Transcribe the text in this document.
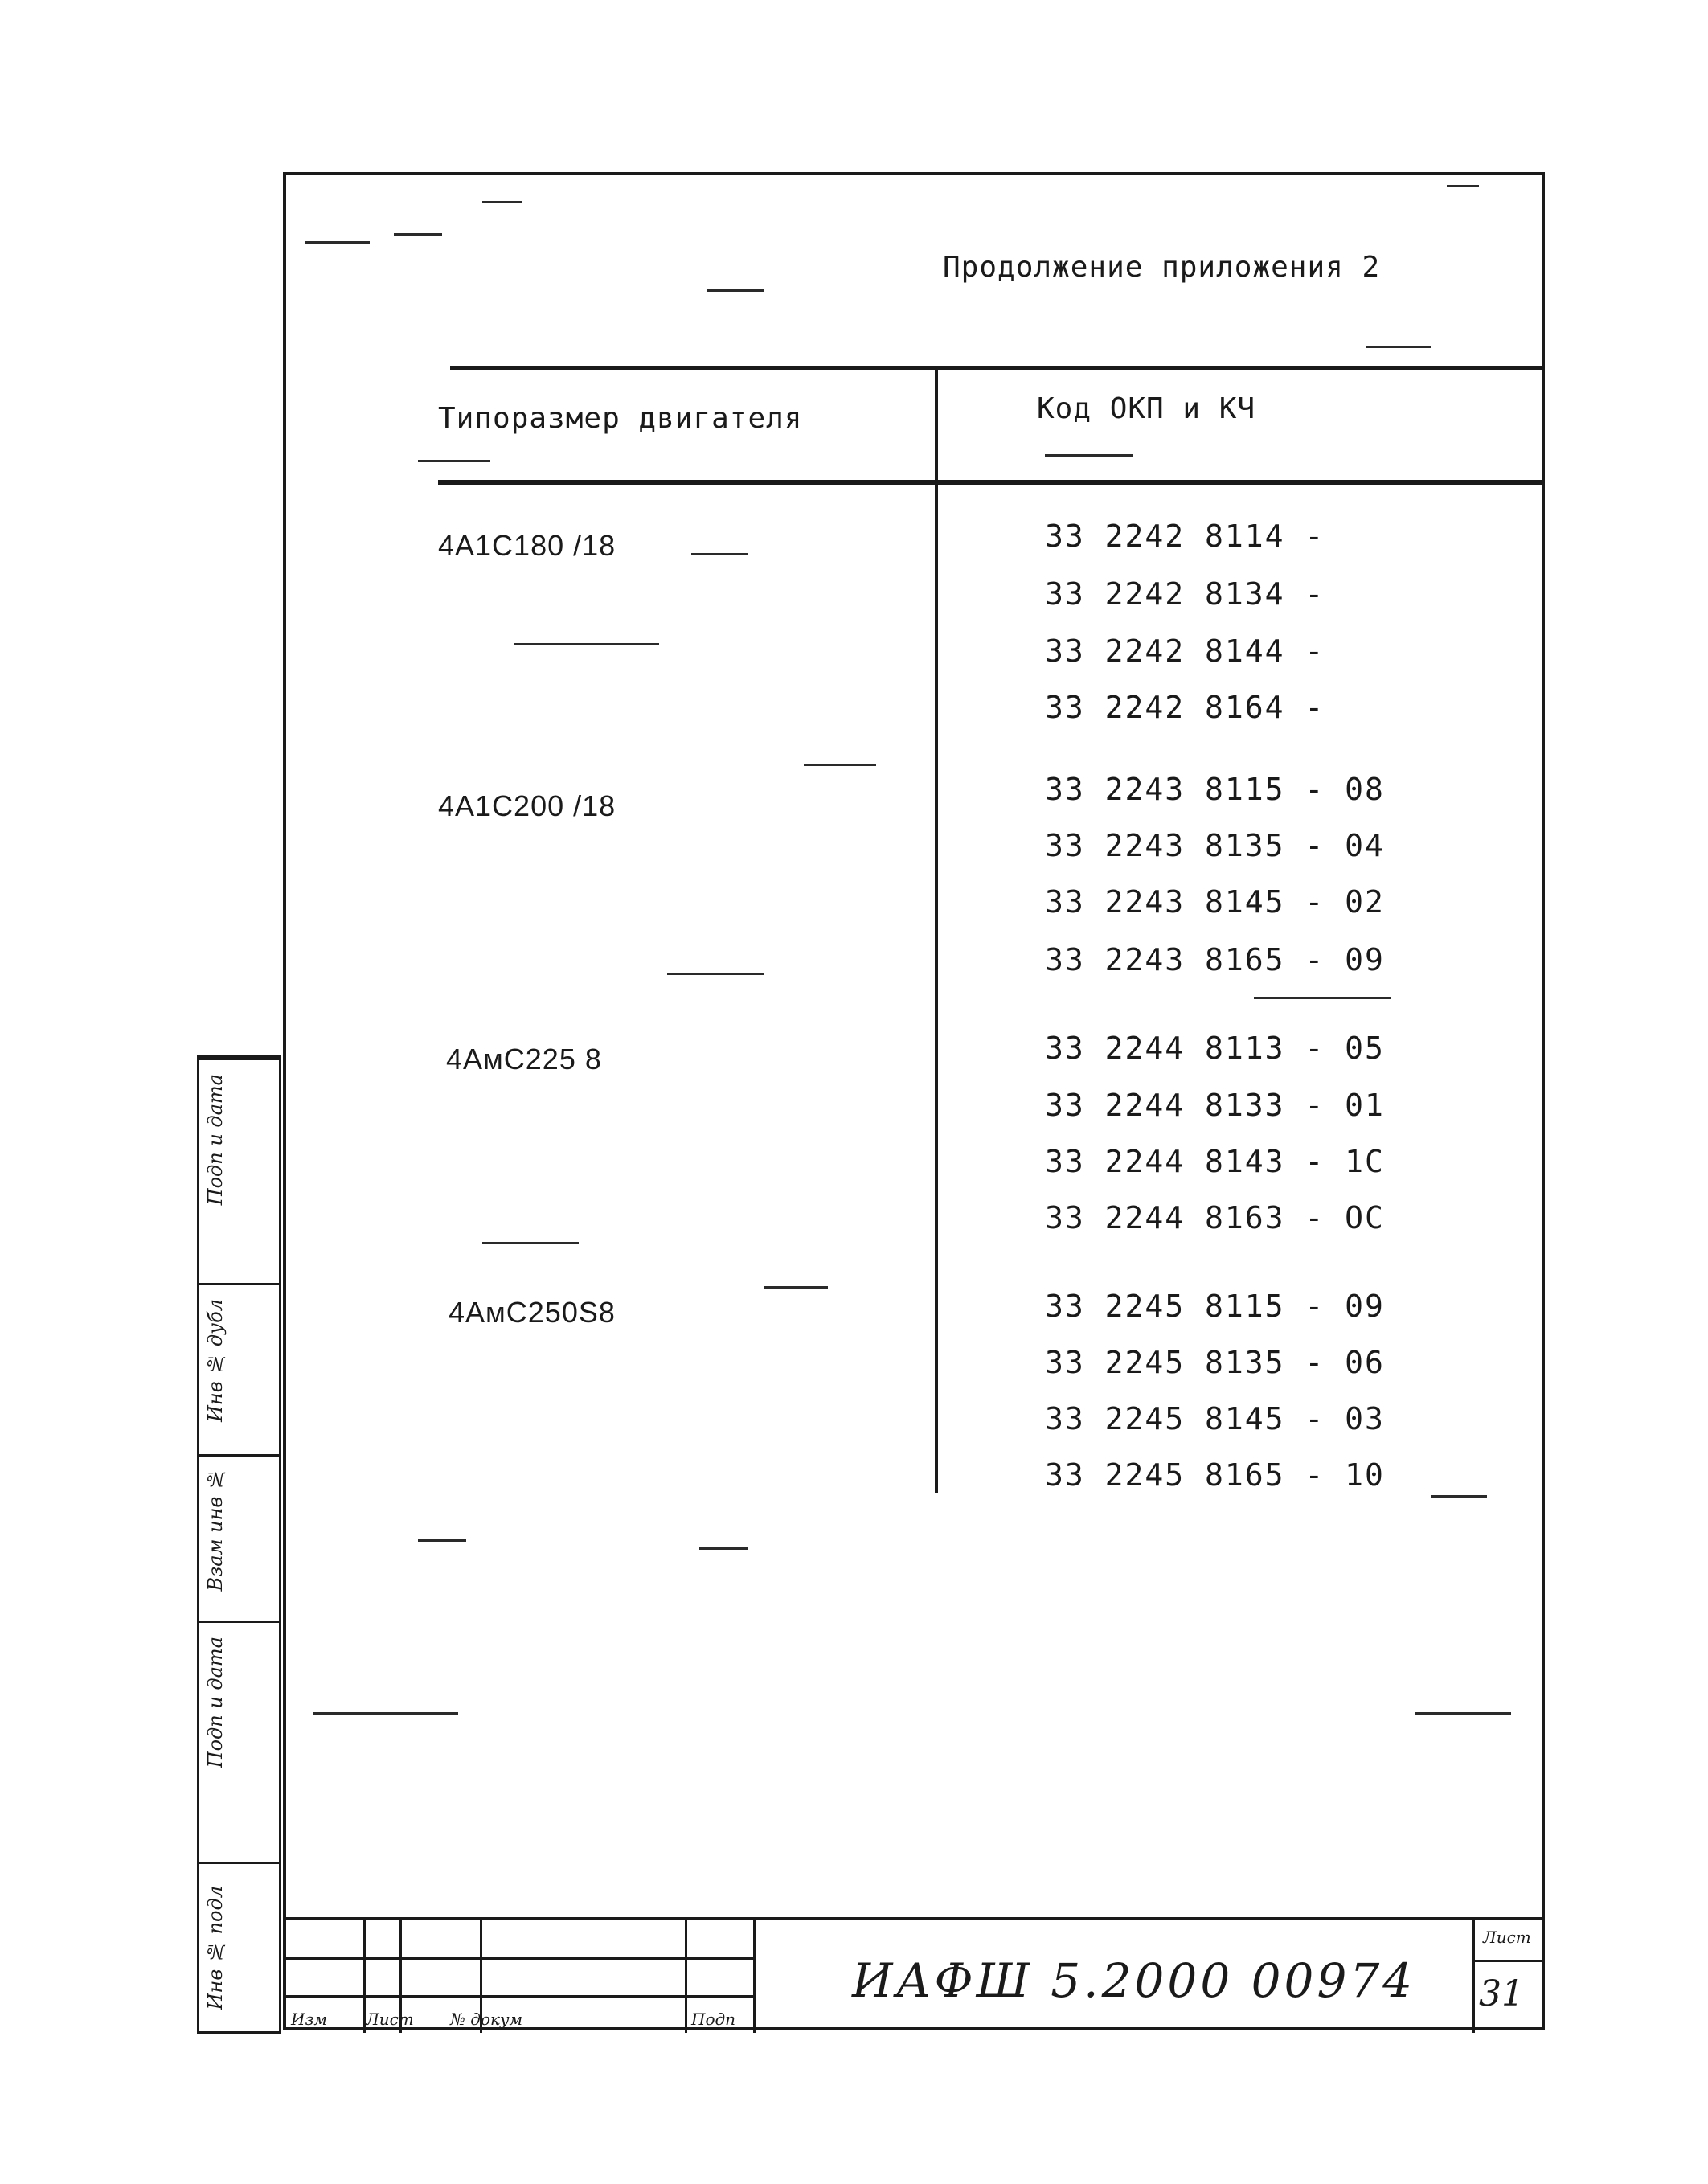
Продолжение приложения 2
Типоразмер двигателя	Код ОКП и КЧ
4А1С180 /18	33 2242 8114 -
33 2242 8134 -
33 2242 8144 -
33 2242 8164 -
4А1С200 /18	33 2243 8115 - 08
33 2243 8135 - 04
33 2243 8145 - 02
33 2243 8165 - 09
4АмС225 8	33 2244 8113 - 05
33 2244 8133 - 01
33 2244 8143 - 1С
33 2244 8163 - ОС
4АмС250S8	33 2245 8115 - 09
33 2245 8135 - 06
33 2245 8145 - 03
33 2245 8165 - 10
Подп и дата
Инв № дубл
Взам инв №
Подп и дата
Инв № подл
Изм Лист № докум	Подп
ИАФШ 5.2000 00974
Лист
31
